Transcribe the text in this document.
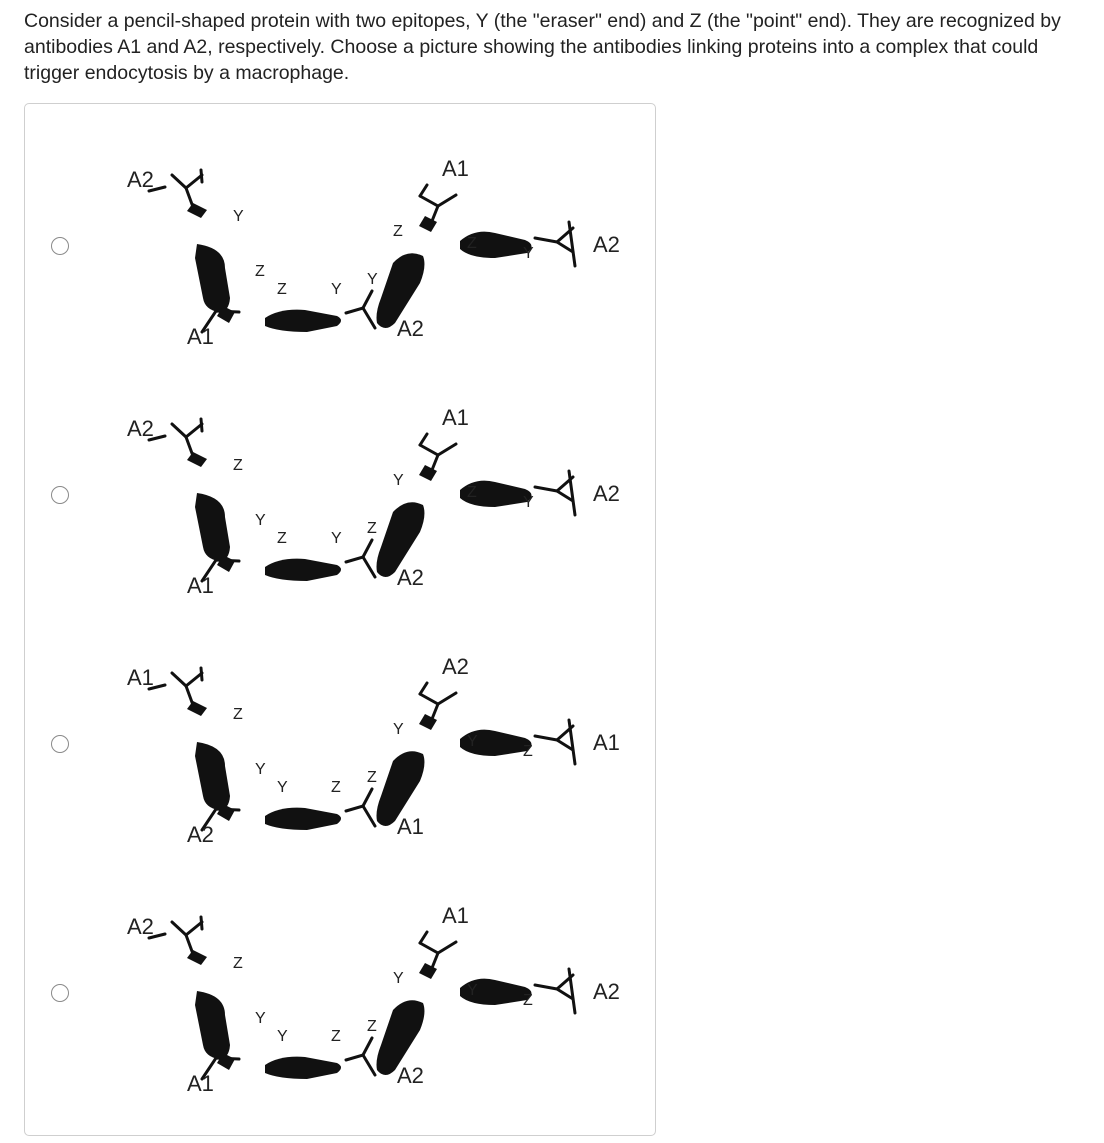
Consider a pencil-shaped protein with two epitopes, Y (the "eraser" end) and Z (the "point" end). They are recognized by antibodies A1 and A2, respectively. Choose a picture showing the antibodies linking proteins into a complex that could trigger endocytosis by a macrophage.

A2	A1
A2
A1	A2
Y
Z
Z	Y
Z
Y
Z
Y
A2	A1
A2
A1	A2
Z
Y
Z	Y
Y
Z
Z
Y
A1	A2
A1
A2	A1
Z
Y
Y	Z
Y
Z
Y
Z
A2	A1
A2
A1	A2
Z
Y
Y	Z
Y
Z
Y
Z
